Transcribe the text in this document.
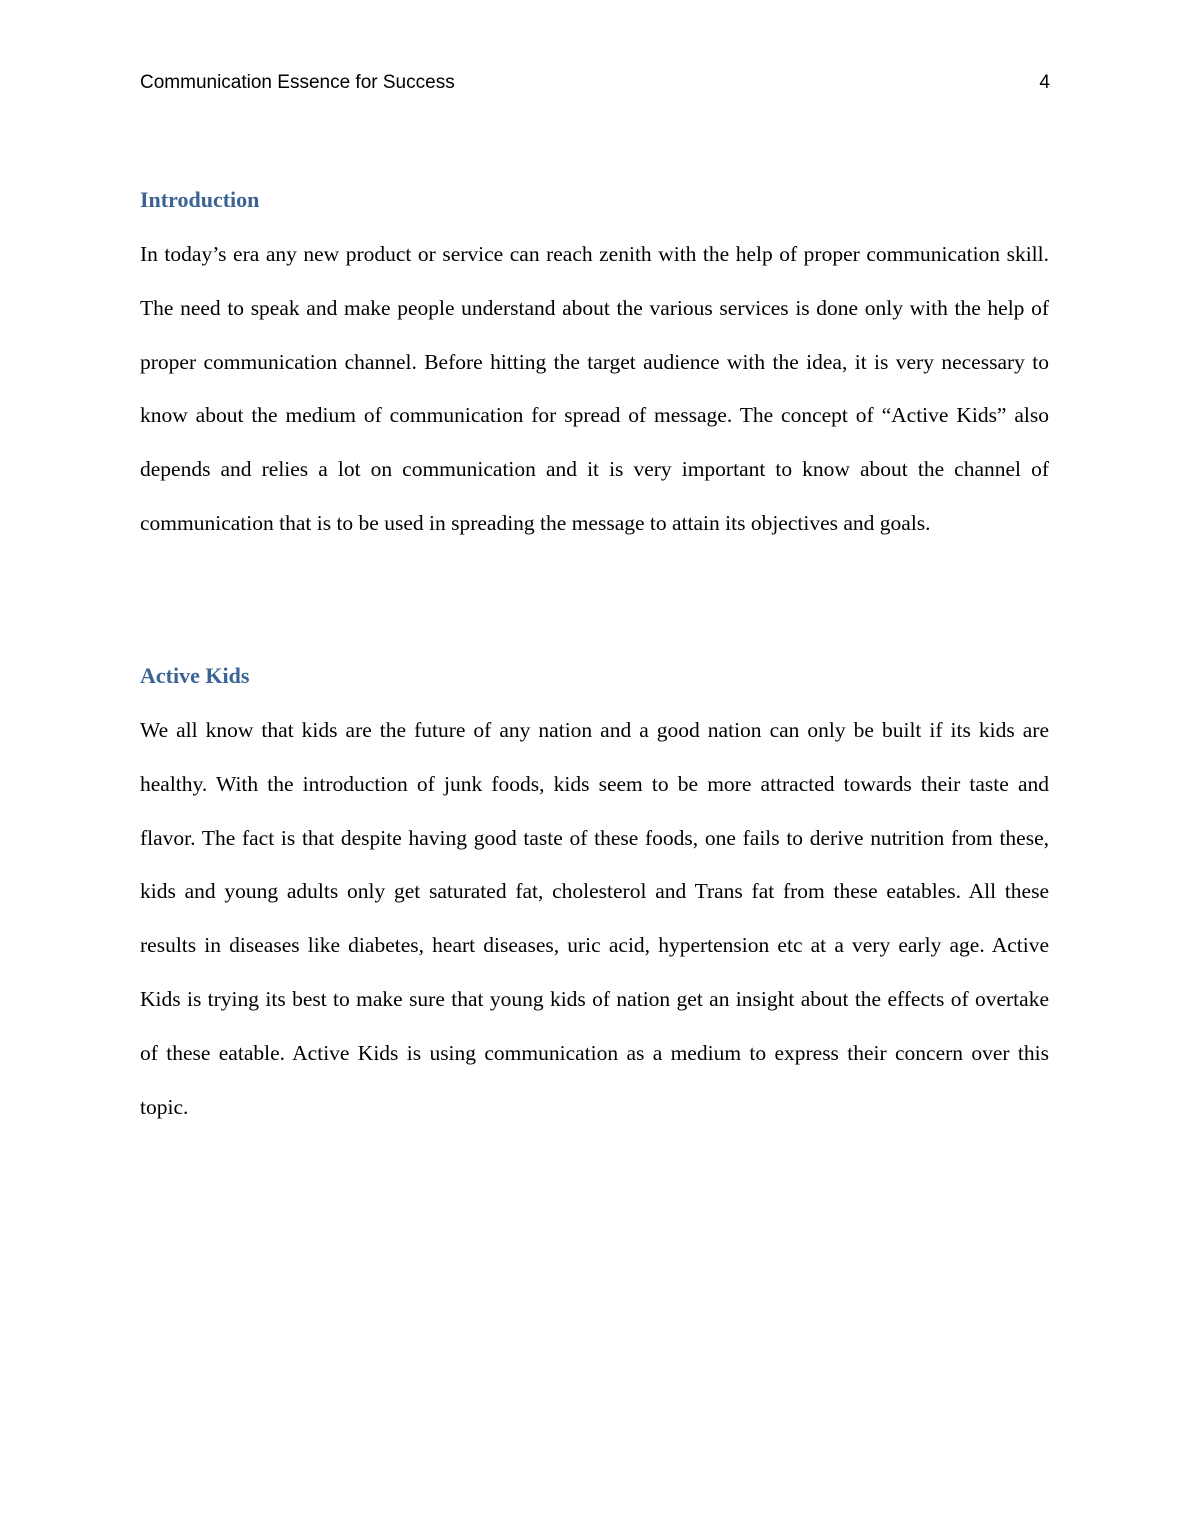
Communication Essence for Success	4
Introduction

In today’s era any new product or service can reach zenith with the help of proper communication skill.  The need to speak and make people understand about the various services is done only with the help of proper communication channel. Before hitting the target audience with the idea, it is very necessary to know about the medium of communication for spread of message. The concept of “Active Kids” also depends and relies a lot on communication and it is very important to know about the channel of communication that is to be used in spreading the message to attain its objectives and goals.

Active Kids

We all know that kids are the future of any nation and a good nation can only be built if its kids are healthy. With the introduction of junk foods, kids seem to be more attracted towards their taste and flavor. The fact is that despite having good taste of these foods, one fails to derive nutrition from these, kids and young adults only get saturated fat, cholesterol and Trans fat from these eatables. All these results in diseases like diabetes, heart diseases, uric acid, hypertension etc at a very early age. Active Kids is trying its best to make sure that young kids of nation get an insight about the effects of overtake of these eatable. Active Kids is using communication as a medium to express their concern over this topic.
